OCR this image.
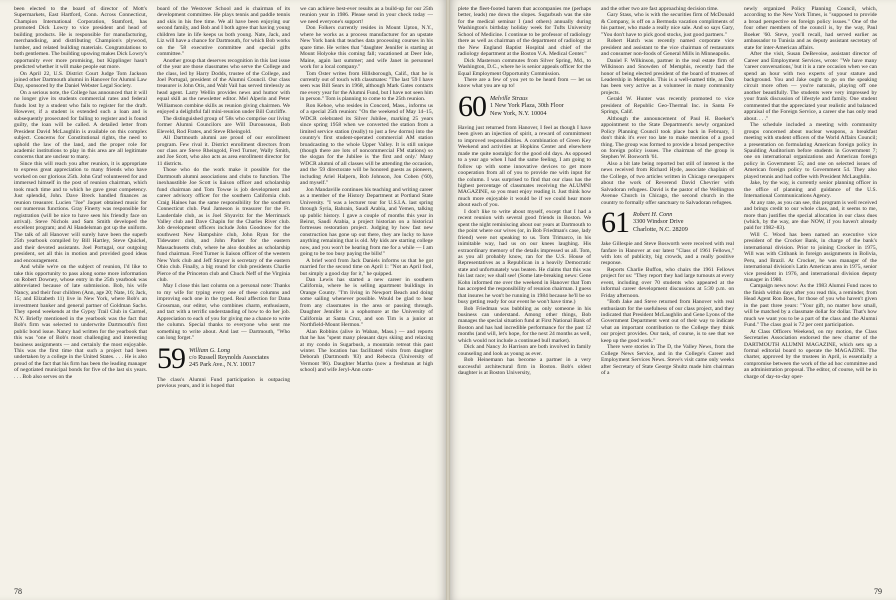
been elected to the board of director of Mott's Supermarkets, East Hartford, Conn. Across Connecticut, Champion International Corporation, Stamford, has promoted Dick Lowry to vice president and head of building products. He is responsible for manufacturing, merchandising, and distributing Champion's plywood, lumber, and related building materials. Congratulations to both gentlemen. The building upswing makes Dick Lowry's opportunity ever more promising, but Kipplinger hasn't predicted whether it will make people eat more.

On April 22, U.S. District Court Judge Tom Jackson joined other Dartmouth alumni in Hanover for Alumni Law Day, sponsored by the Daniel Webster Legal Society.

On a serious note, the College has announced that it will no longer give its students commercial rates and federal funds lost by a student who fails to register for the draft. However, if a student is extended such a loan and is subsequently prosecuted for failing to register and is found guilty, the loan will be called. A detailed letter from President David McLaughlin is available on this complex subject. Concerns for Constitutional rights, the need to uphold the law of the land, and the proper role for academic institutions to play in this area are all legitimate concerns that are unclear to many.

Since this will reach you after reunion, it is appropriate to express great appreciation to many friends who have worked on our glorious 25th. John Graf volunteered for and immersed himself in the post of reunion chairman, which took much time and to which he gave great competency. Just splendid, John. Dave Breck handled finances as reunion treasurer. Lucien "Joe" Jaquet obtained music for our numerous functions. Gray Finerty was responsible for registration (will be nice to have seen his friendly face on arrival). Steve Nichols and Sam Smith developed the excellent program; and Al Handelsman got up the uniform. The talk of all Hanover will surely have been the superb 25th yearbook compiled by Bill Hartley, Steve Quickel, and their devoted assistants. Joel Portugal, our outgoing president, set all this in motion and provided good ideas and encouragement.

And while we're on the subject of reunion, I'd like to take this opportunity to pass along some more information on Robert Downey, whose entry in the 25th yearbook was abbreviated because of late submission. Bob, his wife Nancy, and their four children (Ann, age 20; Nate, 16; Jack, 15; and Elizabeth 11) live in New York, where Bob's an investment banker and general partner of Goldman Sachs. They spend weekends at the Gypsy Trail Club in Carmel, N.Y. Briefly mentioned in the yearbook was the fact that Bob's firm was selected to underwrite Dartmouth's first public bond issue. Nancy had written for the yearbook that this was "one of Bob's most challenging and interesting business assignments — and certainly the most enjoyable. This was the first time that such a project had been undertaken by a college in the United States. . . . He is also proud of the fact that his firm has been the leading manager of negotiated municipal bonds for five of the last six years. . . . Bob also serves on the

board of the Westover School and is chairman of its development committee. He plays tennis and paddle tennis and skis in his free time. We all have been enjoying our second family, and Bob and I both agree that having young children late in life keeps us both young. Nate, Jack, and Liz will have a chance for Dartmouth, for which Bob works on the '58 executive committee and special gifts committee."

Another group that deserves recognition in this last issue of the year are those classmates who serve the College and the class, led by Harry Dodds, trustee of the College, and Joel Portugal, president of the Alumni Council. Our class treasurer is John Otis, and Walt Vail has served tirelessly as head agent. Larry Wellin provides news and humor with equal skill as the newsletter editor. Mel Alperin and Peter Williamson combine skills as reunion giving chairmen. We enjoyed a delightful fall mini-reunion under Bill Cutcliffe.

The distinguished group of '58s who comprise our living former Alumni Councilors are Will Durousseau, Bob Eleveld, Rod Frates, and Steve Rheingold.

All Dartmouth alumni are proud of our enrollment program. Few rival it. District enrollment directors from our class are Steve Rheingold, Fred Turner, Wally Smith, and Joe Scott, who also acts as area enrollment director for 11 districts.

Those who do the work make it possible for the Dartmouth alumni associations and clubs to function. The inexhaustible Joe Scott is liaison officer and scholarship fund chairman and Tom Towse is job development and career advisory officer for the southern California club. Craig Haines has the same responsibility for the southern Connecticut club. Paul Jameson is treasurer for the Ft. Lauderdale club, as is Joel Shyavitz for the Merrimack Valley club and Dave Chapin for the Charles River club. Job development officers include John Goodnow for the southwest New Hampshire club, John Ryan for the Tidewater club, and John Parker for the eastern Massachusetts club, where he also doubles as scholarship fund chairman. Fred Turner is liaison officer of the western New York club and Jeff Strayer is secretary of the eastern Ohio club. Finally, a big round for club presidents Charlie Pierce of the Princeton club and Chuck Neff of the Virginia club.

May I close this last column on a personal note: Thanks to my wife for typing every one of these columns and improving each one in the typed. Real affection for Dana Grossman, our editor, who combines charm, enthusiasm, and tact with a terrific understanding of how to do her job. Appreciation to each of you for giving me a chance to write the column. Special thanks to everyone who sent me something to write about. And last — Dartmouth, "Who can long forget."

59 William G. Long
c/o Russell Reynolds Associates
245 Park Ave., N.Y. 10017

The class's Alumni Fund participation is outpacing previous years, and it is hoped that

we can achieve best-ever results as a build-up for our 25th reunion year in 1986. Please send in your check today — we need everyone's support!

Don Folkers currently resides in Mount Upton, N.Y., where he works as a process manufacturer for an upstate New York bank that teaches data processing courses in his spare time. He writes that "daughter Jennifer is starting at Mount Holyoke this coming fall; vacationed at Deer Isle, Maine, again last summer; and wife Janet in personnel work for a local company."

Tom Oster writes from Hillsborough, Calif., that he is currently out of touch with classmates: "The last '59 I have seen was Bill Sears in 1968, although Mark Gates contacts me every year for the Alumni Fund, but I have not seen him in person." Tom is planning to come to the 25th reunion.

Ron Kehoe, who resides in Concord, Mass., informs us of a special 25th reunion: "On the weekend of May 14–15, WDCR celebrated its Silver Jubilee, marking 25 years since spring 1958 when we converted the station from a limited service station (really) to just a few dorms) into the country's first student-operated commercial AM station broadcasting to the whole Upper Valley. It is still unique (though there are lots of noncommercial FM stations) so the slogan for the Jubilee is 'the first and only.' Many WDCR alumni of all classes will be attending the occasion, and the '59 directorate will be honored guests as pioneers, including Ariel Halpern, Bob Johnson, Jon Coben ('60), and myself."

Jon Mandaville continues his teaching and writing career as a member of the History Department at Portland State University. "I was a lecturer tour for U.S.I.A. last spring through Syria, Bahrain, Saudi Arabia, and Yemen, talking up public history. I gave a couple of months this year in Beirut, Saudi Arabia, a project historian on a historical fortresses restoration project. Judging by how fast new construction has gone up out there, they are lucky to have anything remaining that is old. My kids are starting college now, and you won't be hearing from me for a while — I am going to be too busy paying the bills!"

A brief word from Jack Daniels informs us that he got married for the second time on April 1: "Not an April fool, but simply a good day for it," he quipped.

Dan Lewis has started a new career in southern California, where he is selling apartment buildings in Orange County. "I'm living in Newport Beach and doing some sailing whenever possible. Would be glad to hear from any classmates in the area or passing through. Daughter Jennifer is a sophomore at the University of California at Santa Cruz, and son Tim is a junior at Northfield-Mount Hermon."

Alan Robbins (alive in Waban, Mass.) — and reports that he has "spent many pleasant days skiing and relaxing at my condo in Sugarbush, a mountain retreat this past winter. The location has facilitated visits from daughter Deborah (Dartmouth '83) and Rebecca (University of Vermont '86). Daughter Martha (now a freshman at high school) and wife Jeryl-Ann com-

78

plete the fleet-footed harem that accompanies me (perhaps better, leads) me down the slopes. Sugarbush was the site for the medical seminar I (and others) annually during Washington's birthday holiday week for Tufts University School of Medicine. I continue to be professor of radiology there as well as chairman of the department of radiology at the New England Baptist Hospital and chief of the radiology department at the Boston V.A. Medical Center."

Dick Masterson commutes from Silver Spring, Md., to Washington, D.C., where he is senior appeals officer for the Equal Employment Opportunity Commission.

There are a few of you yet to be heard from — let us know what you are up to!

60 Melville Straus
1 New York Plaza, 30th Floor
New York, N.Y. 10004

Having just returned from Hanover, I feel as though I have been given an injection of spirit, a reward of commitment to improved responsibilities. A combination of Green Key Weekend and activities at Hopkins Center and elsewhere made me quite nostalgic for the good old days. As opposed to a year ago when I had the same feeling, I am going to follow up with some innovative devices to get more cooperation from all of you to provide me with input for the column. I was surprised to find that our class has the highest percentage of classmates receiving the ALUMNI MAGAZINE, so you must enjoy reading it. Just think how much more enjoyable it would be if we could hear more about each of you.

I don't like to write about myself, except that I had a recent reunion with several good friends in Boston. We spent the night reminiscing about our years at Dartmouth to the point where our wives (or, in Bob Friedman's case, lady friend) were not speaking to us. Tom Trimarco, in his inimitable way, had us on our knees laughing. His extraordinary memory of the details impressed us all. Tom, as you all probably know, ran for the U.S. House of Representatives as a Republican in a heavily Democratic state and unfortunately was beaten. He claims that this was his last race; we shall see! (Some late-breaking news: Gene Kohn informed me over the weekend in Hanover that Tom has accepted the responsibility of reunion chairman. I guess that insures he won't be running in 1984 because he'll be so busy getting ready for our event he won't have time.)

Bob Friedman was bubbling as only someone in his business can understand. Among other things, Bob manages the special situation fund at First National Bank of Boston and has had incredible performance for the past 12 months (and will, let's hope, for the next 24 months as well, which would not include a continued bull market).

Dick and Nancy Jo Harrison are both involved in family counseling and look as young as ever.

Bob Heinemann has become a partner in a very successful architectural firm in Boston. Bob's oldest daughter is at Boston University,

and the other two are fast approaching decision time.

Gary Stass, who is with the securities firm of McDonald & Company, is off on a Bermuda vacation compliments of his partner, who made a really nice sale. And so says Gary, "You don't have to pick good stocks, just good partners."

Robert Hatch was recently named corporate vice president and assistant to the vice chairman of restaurants and consumer non-foods of General Mills in Minneapolis.

Daniel F. Wilkinson, partner in the real estate firm of Wilkinson and Snowden of Memphis, recently had the honor of being elected president of the board of trustees of Leadership in Memphis. This is a well-named title, as Dan has been very active as a volunteer in many community projects.

Gerald W. Hunter was recently promoted to vice president of Republic Geo-Thermal Inc. in Santa Fe Springs, Calif.

Although the announcement of Paul H. Boeker's appointment to the State Department's newly organized Policy Planning Council took place back in February, I don't think it's ever too late to make mention of a good thing. The group was formed to provide a broad perspective on foreign policy issues. The chairman of the group is Stephen W. Bosworth '61.

Also a bit late being reported but still of interest is the news received from Richard Hyde, associate chaplain of the College, of two articles written in Chicago newspapers about the work of Reverend David Chevrier with Salvadoran refugees. David is the pastor of the Wellington Avenue Church in Chicago, the second church in the country to formally offer sanctuary to Salvadoran refugees.

61 Robert H. Conn
3300 Windsor Drive
Charlotte, N.C. 28209

Jake Gillespie and Steve Bosworth were received with real fanfare in Hanover at our latest "Class of 1961 Fellows," with lots of publicity, big crowds, and a really positive response.

Reports Charlie Buffon, who chairs the 1961 Fellows project for us: "They report they had large turnouts at every event, including over 70 students who appeared at the informal career development discussions at 5:30 p.m. on Friday afternoon.

"Both Jake and Steve returned from Hanover with real enthusiasm for the usefulness of our class project, and they indicated that President McLaughlin and Gene Lyons of the Government Department went out of their way to indicate what an important contribution to the College they think our project provides. Our task, of course, is to see that we keep up the good work."

There were stories in The D, the Valley News, from the College News Service, and in the College's Career and Employment Services News. Steve's visit came only weeks after Secretary of State George Shultz made him chairman of a

newly organized Policy Planning Council, which, according to the New York Times, is "supposed to provide a broad perspective on foreign policy issues." One of the four other members of the council is, by the way, Paul Boeker '60. Steve, you'll recall, had served earlier as ambassador to Tunisia and as deputy assistant secretary of state for inter-American affairs.

After the visit, Susan DeBevoise, assistant director of Career and Employment Services, wrote: "We have many 'career conversations,' but it is a rare occasion when we can spend an hour with two experts of your stature and background. You and Jake ought to go on the speaking circuit more often — you're naturals, playing off one another beautifully. The students were very impressed by your frank discussion of lifestyle and family. One student commented that the appreciated your realistic and balanced appraisal of the Foreign Service, a career she has only read about. . . ."

The schedule included a meeting with community groups concerned about nuclear weapons, a breakfast meeting with student officers of the World Affairs Council; a presentation on formulating American foreign policy in Spaulding Auditorium before students in Government 7; one on international organizations and American foreign policy in Government 55; and one on selected issues of American foreign policy to Government 54. They also played tennis and had coffee with President McLaughlin.

Jake, by the way, is currently senior planning officer in the office of planning and guidance of the U.S. International Communications Agency.

At any rate, as you can see, this program is well received and brings credit to our whole class, and, it seems to me, more than justifies the special allocation in our class dues (which, by the way, are due NOW, if you haven't already paid for 1982–83).

Will C. Wood has been named an executive vice president of the Crocker Bank, in charge of the bank's international division. Prior to joining Crocker in 1975, Will was with Citibank in foreign assignments in Bolivia, Peru, and Brazil. At Crocker, he was manager of the international division's Latin American area in 1975, senior vice president in 1976, and international division deputy manager in 1980.

Campaign news now: As the 1983 Alumni Fund races to the finish within days after you read this, a reminder, from Head Agent Ron Boes, for those of you who haven't given in the past three years: "Your gift, no matter how small, will be matched by a classmate dollar for dollar. That's how much we want you to be a part of the class and the Alumni Fund." The class goal is 72 per cent participation.

At Class Officers Weekend, on my motion, the Class Secretaries Association endorsed the new charter of the DARTMOUTH ALUMNI MAGAZINE, which sets up a formal editorial board to operate the MAGAZINE. The charter, approved by the trustees in April, is essentially a compromise between the work of the ad hoc committee and an administration proposal. The editor, of course, will be in charge of day-to-day oper-

79
